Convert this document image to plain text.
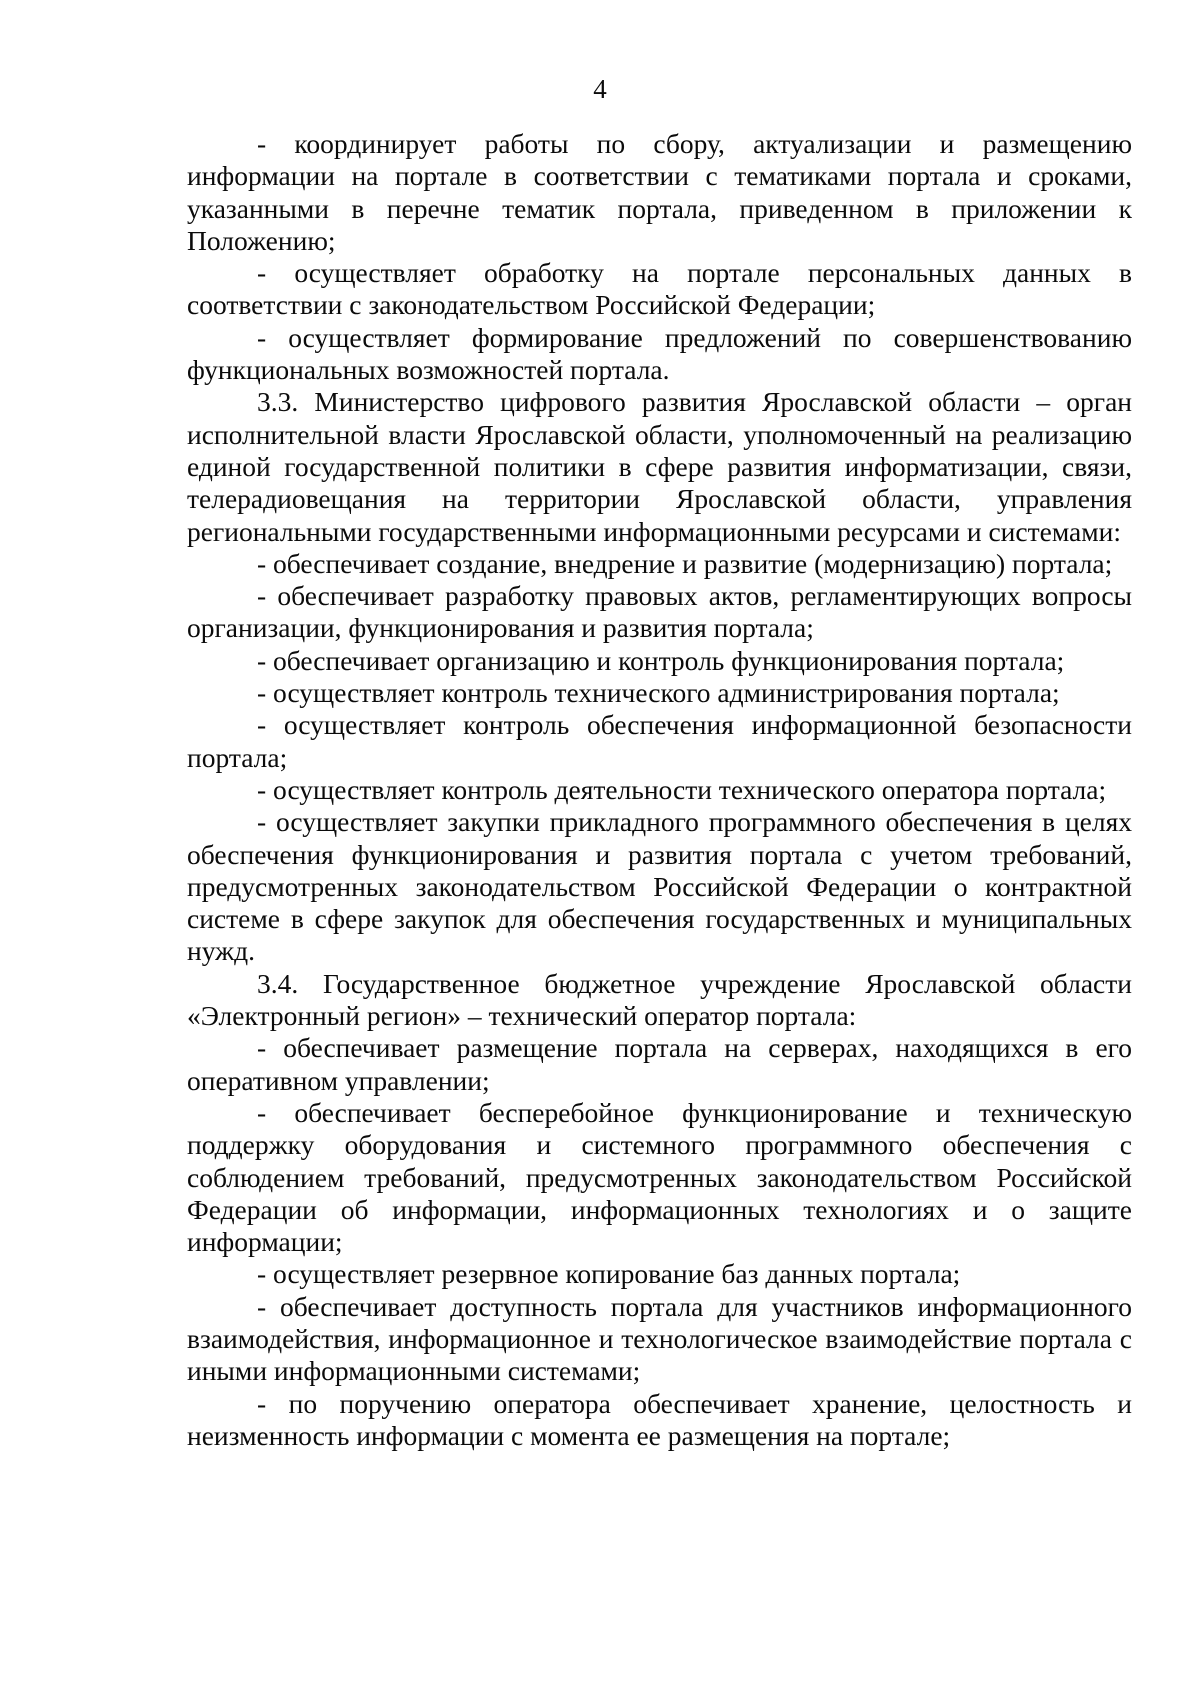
4

- координирует работы по сбору, актуализации и размещению информации на портале в соответствии с тематиками портала и сроками, указанными в перечне тематик портала, приведенном в приложении к Положению;

- осуществляет обработку на портале персональных данных в соответствии с законодательством Российской Федерации;

- осуществляет формирование предложений по совершенствованию функциональных возможностей портала.

3.3. Министерство цифрового развития Ярославской области – орган исполнительной власти Ярославской области, уполномоченный на реализацию единой государственной политики в сфере развития информатизации, связи, телерадиовещания на территории Ярославской области, управления региональными государственными информационными ресурсами и системами:

- обеспечивает создание, внедрение и развитие (модернизацию) портала;

- обеспечивает разработку правовых актов, регламентирующих вопросы организации, функционирования и развития портала;

- обеспечивает организацию и контроль функционирования портала;

- осуществляет контроль технического администрирования портала;

- осуществляет контроль обеспечения информационной безопасности портала;

- осуществляет контроль деятельности технического оператора портала;

- осуществляет закупки прикладного программного обеспечения в целях обеспечения функционирования и развития портала с учетом требований, предусмотренных законодательством Российской Федерации о контрактной системе в сфере закупок для обеспечения государственных и муниципальных нужд.

3.4. Государственное бюджетное учреждение Ярославской области «Электронный регион» – технический оператор портала:

- обеспечивает размещение портала на серверах, находящихся в его оперативном управлении;

- обеспечивает бесперебойное функционирование и техническую поддержку оборудования и системного программного обеспечения с соблюдением требований, предусмотренных законодательством Российской Федерации об информации, информационных технологиях и о защите информации;

- осуществляет резервное копирование баз данных портала;

- обеспечивает доступность портала для участников информационного взаимодействия, информационное и технологическое взаимодействие портала с иными информационными системами;

- по поручению оператора обеспечивает хранение, целостность и неизменность информации с момента ее размещения на портале;
